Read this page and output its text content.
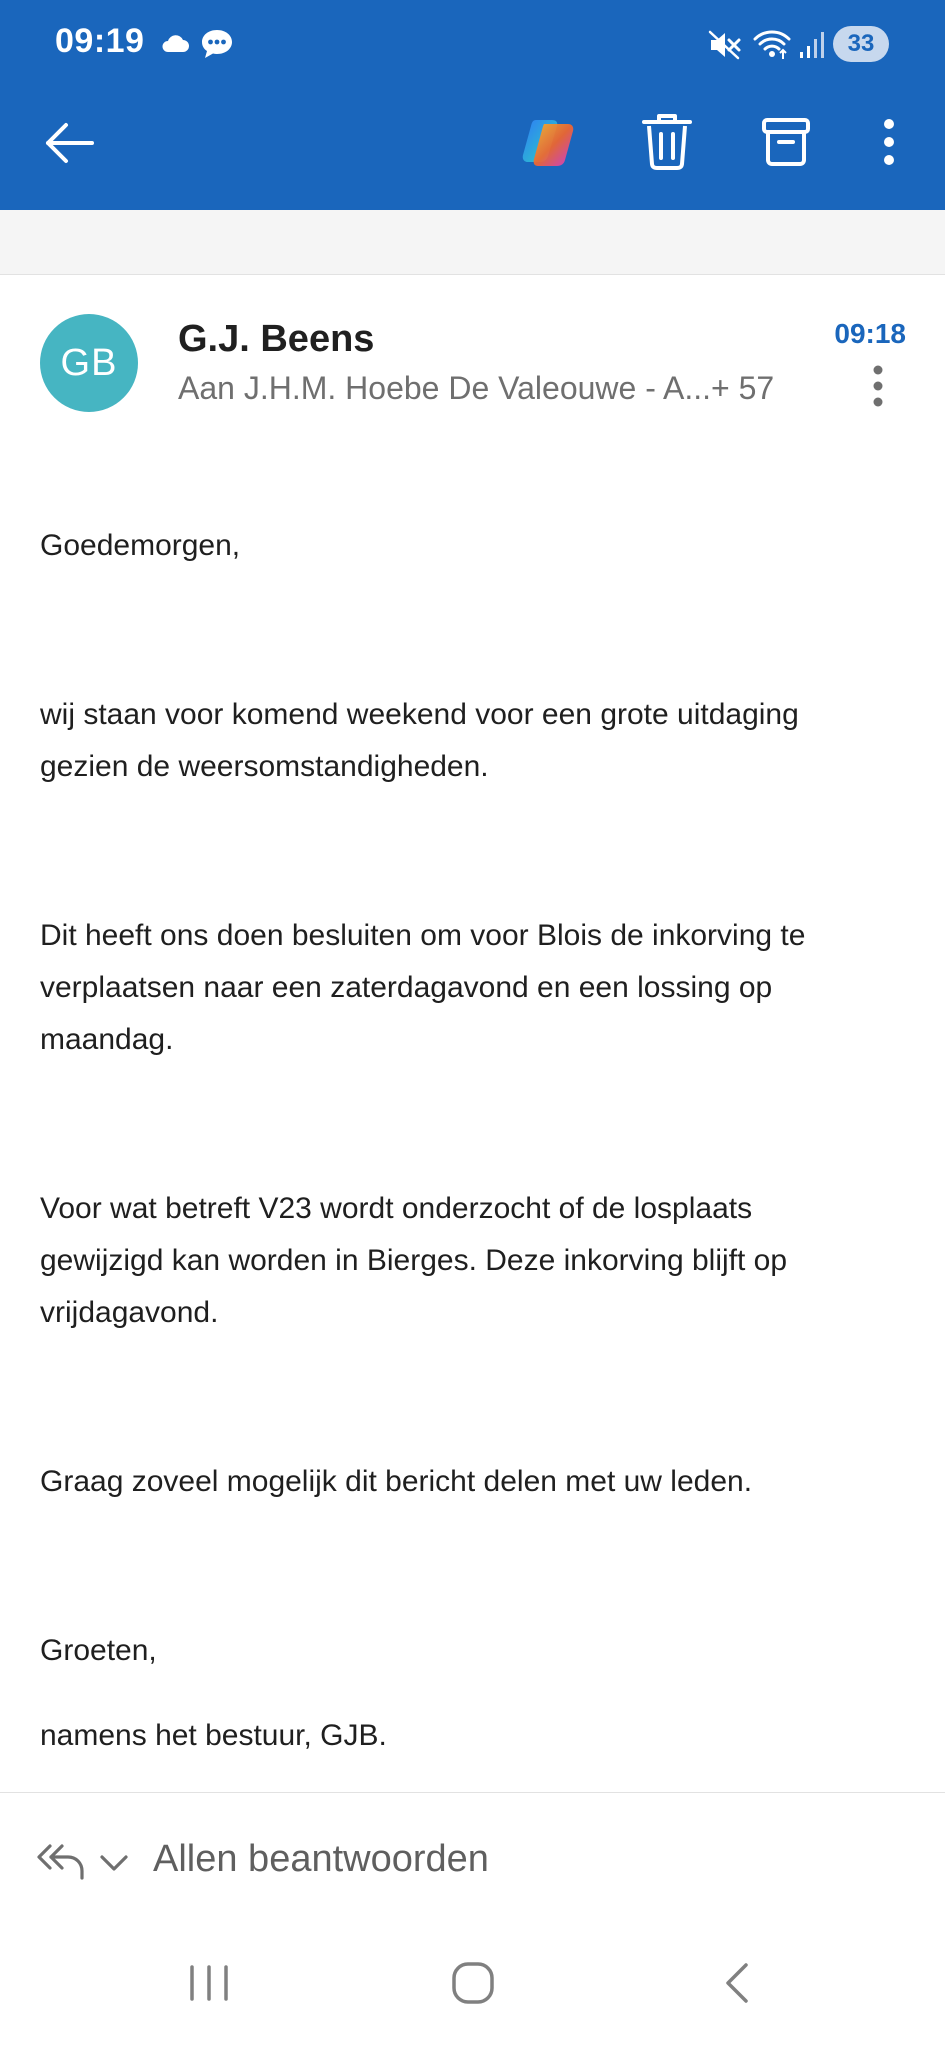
09:19	33
GB
G.J. Beens
Aan J.H.M. Hoebe De Valeouwe - A...+ 57
09:18
Goedemorgen,
wij staan voor komend weekend voor een grote uitdaging
gezien de weersomstandigheden.
Dit heeft ons doen besluiten om voor Blois de inkorving te
verplaatsen naar een zaterdagavond en een lossing op
maandag.
Voor wat betreft V23 wordt onderzocht of de losplaats
gewijzigd kan worden in Bierges. Deze inkorving blijft op
vrijdagavond.
Graag zoveel mogelijk dit bericht delen met uw leden.
Groeten,
namens het bestuur, GJB.
Allen beantwoorden
